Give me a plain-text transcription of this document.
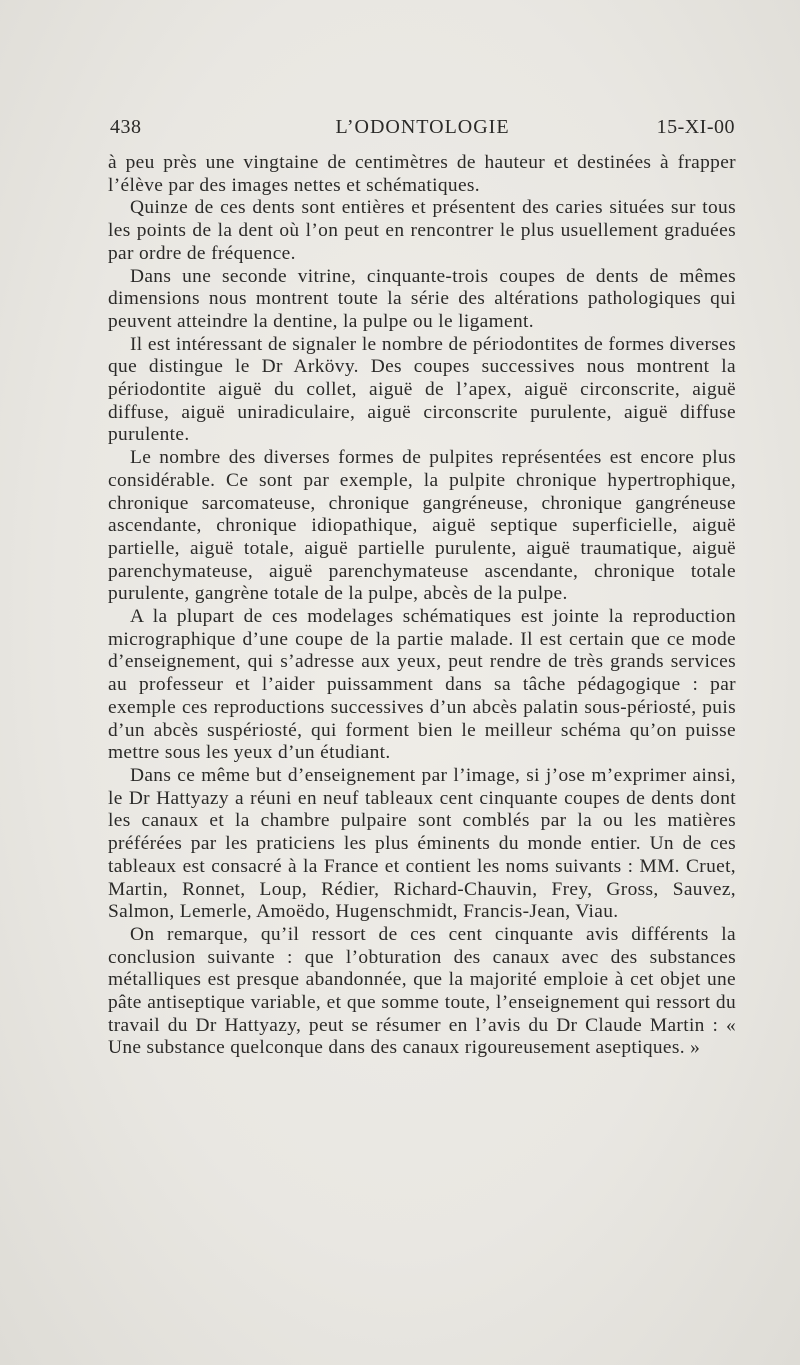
438	L’ODONTOLOGIE	15-XI-00

à peu près une vingtaine de centimètres de hauteur et destinées à frapper l’élève par des images nettes et schématiques.

Quinze de ces dents sont entières et présentent des caries situées sur tous les points de la dent où l’on peut en rencontrer le plus usuellement graduées par ordre de fréquence.

Dans une seconde vitrine, cinquante-trois coupes de dents de mêmes dimensions nous montrent toute la série des altérations pathologiques qui peuvent atteindre la dentine, la pulpe ou le ligament.

Il est intéressant de signaler le nombre de périodontites de formes diverses que distingue le Dr Arkövy. Des coupes successives nous montrent la périodontite aiguë du collet, aiguë de l’apex, aiguë circonscrite, aiguë diffuse, aiguë uniradiculaire, aiguë circonscrite purulente, aiguë diffuse purulente.

Le nombre des diverses formes de pulpites représentées est encore plus considérable. Ce sont par exemple, la pulpite chronique hypertrophique, chronique sarcomateuse, chronique gangréneuse, chronique gangréneuse ascendante, chronique idiopathique, aiguë septique superficielle, aiguë partielle, aiguë totale, aiguë partielle purulente, aiguë traumatique, aiguë parenchymateuse, aiguë parenchymateuse ascendante, chronique totale purulente, gangrène totale de la pulpe, abcès de la pulpe.

A la plupart de ces modelages schématiques est jointe la reproduction micrographique d’une coupe de la partie malade. Il est certain que ce mode d’enseignement, qui s’adresse aux yeux, peut rendre de très grands services au professeur et l’aider puissamment dans sa tâche pédagogique : par exemple ces reproductions successives d’un abcès palatin sous-périosté, puis d’un abcès suspériosté, qui forment bien le meilleur schéma qu’on puisse mettre sous les yeux d’un étudiant.

Dans ce même but d’enseignement par l’image, si j’ose m’exprimer ainsi, le Dr Hattyazy a réuni en neuf tableaux cent cinquante coupes de dents dont les canaux et la chambre pulpaire sont comblés par la ou les matières préférées par les praticiens les plus éminents du monde entier. Un de ces tableaux est consacré à la France et contient les noms suivants : MM. Cruet, Martin, Ronnet, Loup, Rédier, Richard-Chauvin, Frey, Gross, Sauvez, Salmon, Lemerle, Amoëdo, Hugenschmidt, Francis-Jean, Viau.

On remarque, qu’il ressort de ces cent cinquante avis différents la conclusion suivante : que l’obturation des canaux avec des substances métalliques est presque abandonnée, que la majorité emploie à cet objet une pâte antiseptique variable, et que somme toute, l’enseignement qui ressort du travail du Dr Hattyazy, peut se résumer en l’avis du Dr Claude Martin : « Une substance quelconque dans des canaux rigoureusement aseptiques. »
